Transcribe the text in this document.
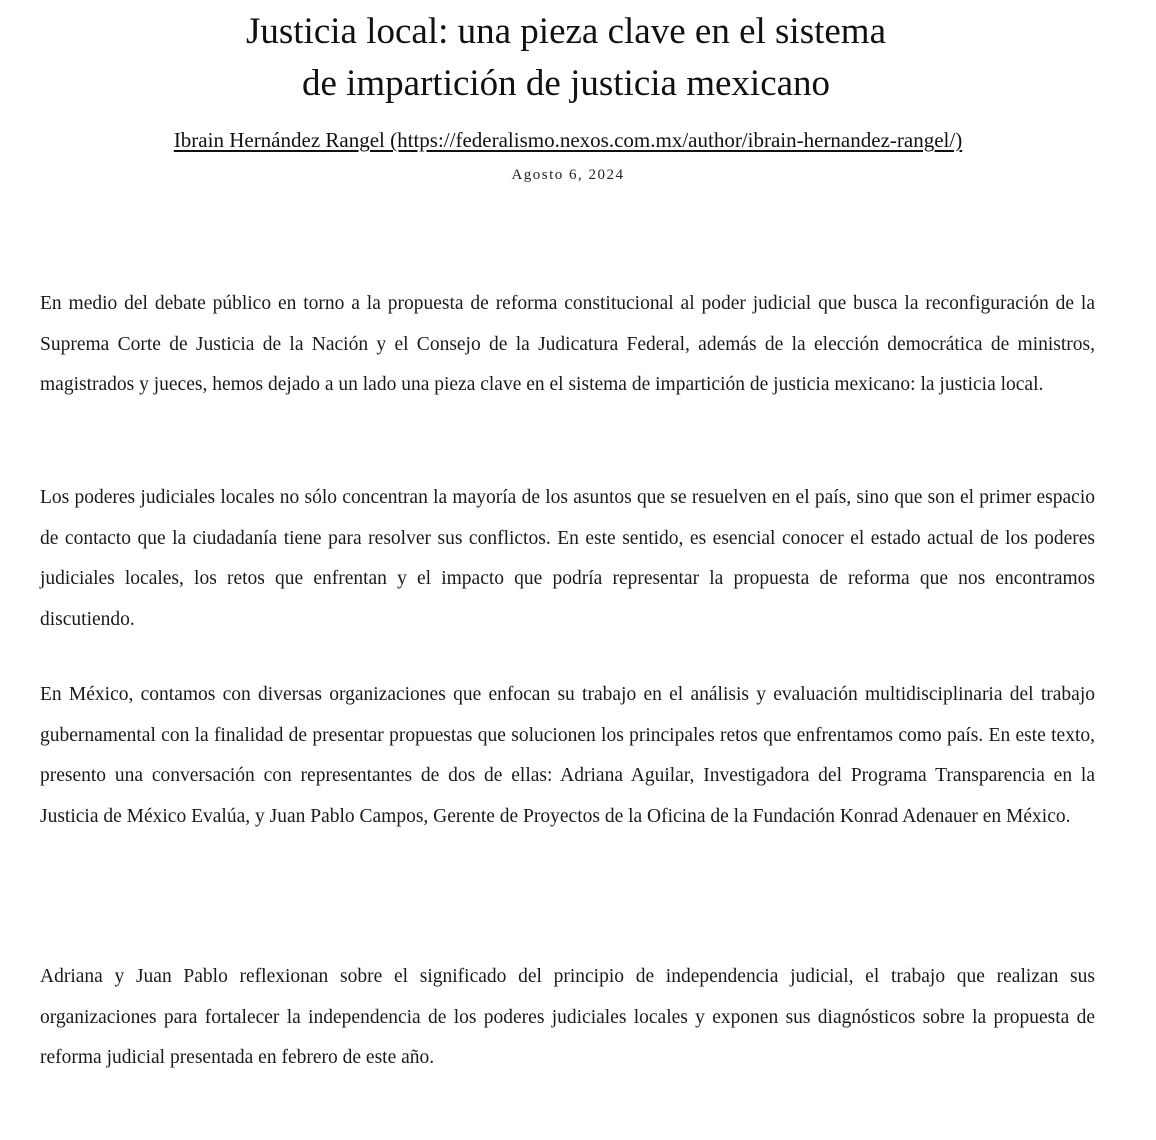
Justicia local: una pieza clave en el sistema
de impartición de justicia mexicano
Ibrain Hernández Rangel (https://federalismo.nexos.com.mx/author/ibrain-hernandez-rangel/)
Agosto 6, 2024

En medio del debate público en torno a la propuesta de reforma constitucional al poder judicial que busca la reconfiguración de la Suprema Corte de Justicia de la Nación y el Consejo de la Judicatura Federal, además de la elección democrática de ministros, magistrados y jueces, hemos dejado a un lado una pieza clave en el sistema de impartición de justicia mexicano: la justicia local.

Los poderes judiciales locales no sólo concentran la mayoría de los asuntos que se resuelven en el país, sino que son el primer espacio de contacto que la ciudadanía tiene para resolver sus conflictos. En este sentido, es esencial conocer el estado actual de los poderes judiciales locales, los retos que enfrentan y el impacto que podría representar la propuesta de reforma que nos encontramos discutiendo.

En México, contamos con diversas organizaciones que enfocan su trabajo en el análisis y evaluación multidisciplinaria del trabajo gubernamental con la finalidad de presentar propuestas que solucionen los principales retos que enfrentamos como país. En este texto, presento una conversación con representantes de dos de ellas: Adriana Aguilar, Investigadora del Programa Transparencia en la Justicia de México Evalúa, y Juan Pablo Campos, Gerente de Proyectos de la Oficina de la Fundación Konrad Adenauer en México.

Adriana y Juan Pablo reflexionan sobre el significado del principio de independencia judicial, el trabajo que realizan sus organizaciones para fortalecer la independencia de los poderes judiciales locales y exponen sus diagnósticos sobre la propuesta de reforma judicial presentada en febrero de este año.
